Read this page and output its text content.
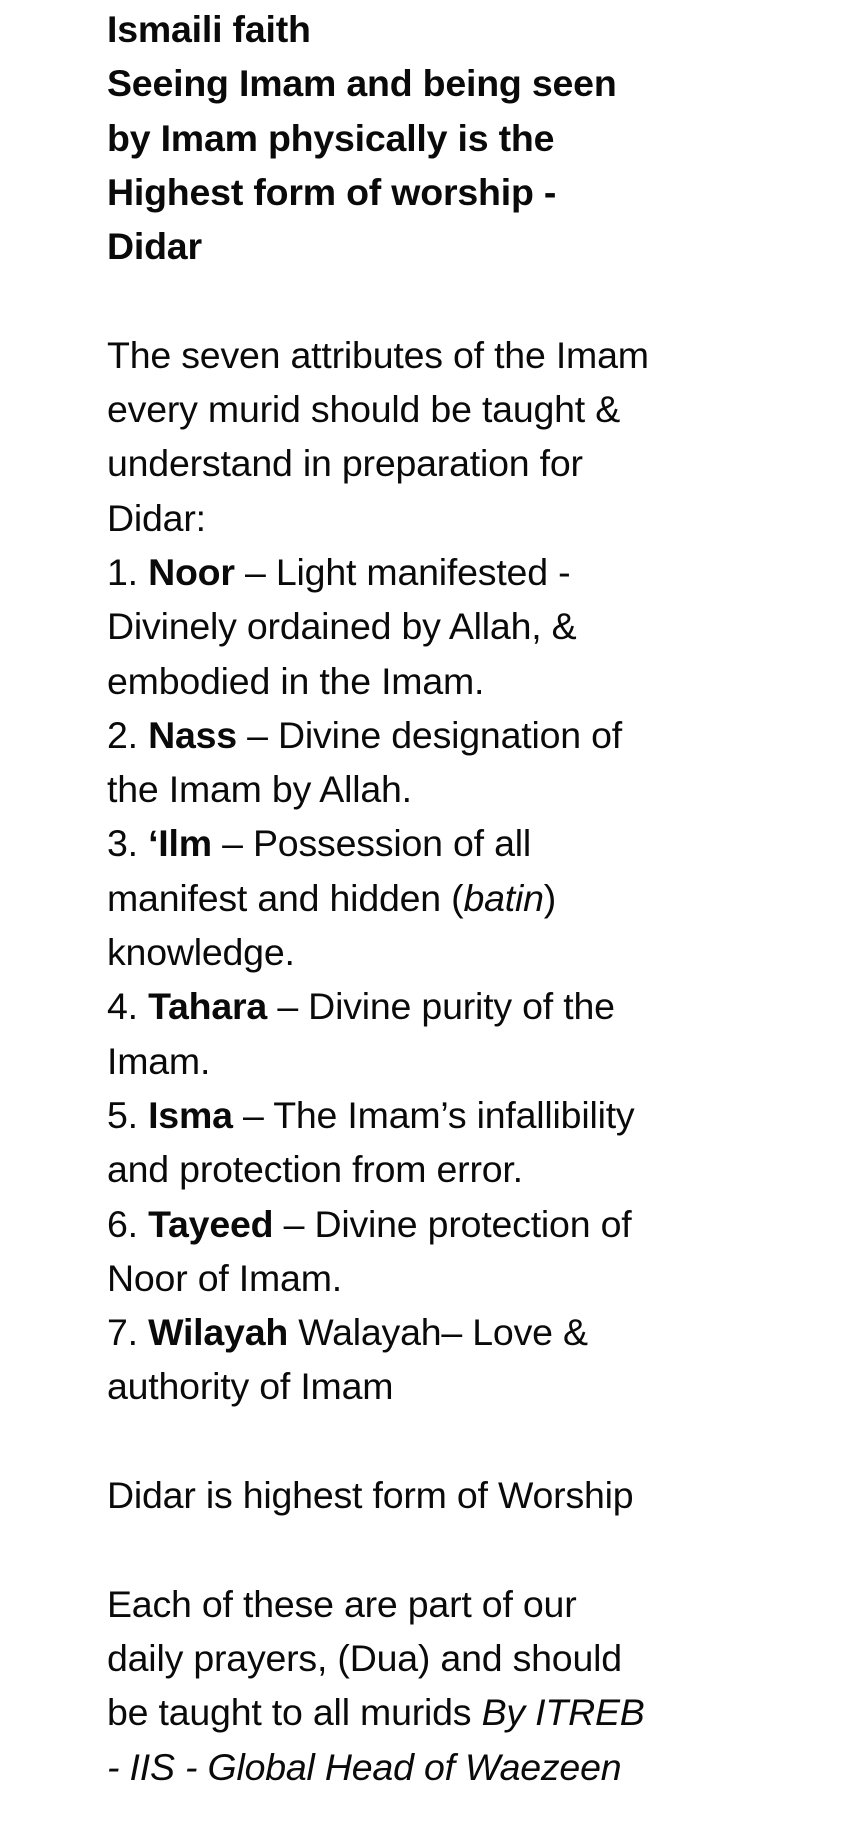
Ismaili faith
Seeing Imam and being seen
by Imam physically is the
Highest form of worship -
Didar
The seven attributes of the Imam
every murid should be taught &
understand in preparation for
Didar:
1. Noor – Light manifested -
Divinely ordained by Allah, &
embodied in the Imam.
2. Nass – Divine designation of
the Imam by Allah.
3. ‘Ilm – Possession of all
manifest and hidden (batin)
knowledge.
4. Tahara – Divine purity of the
Imam.
5. Isma – The Imam’s infallibility
and protection from error.
6. Tayeed – Divine protection of
Noor of Imam.
7. Wilayah Walayah– Love &
authority of Imam
Didar is highest form of Worship
Each of these are part of our
daily prayers, (Dua) and should
be taught to all murids By ITREB
- IIS - Global Head of Waezeen
